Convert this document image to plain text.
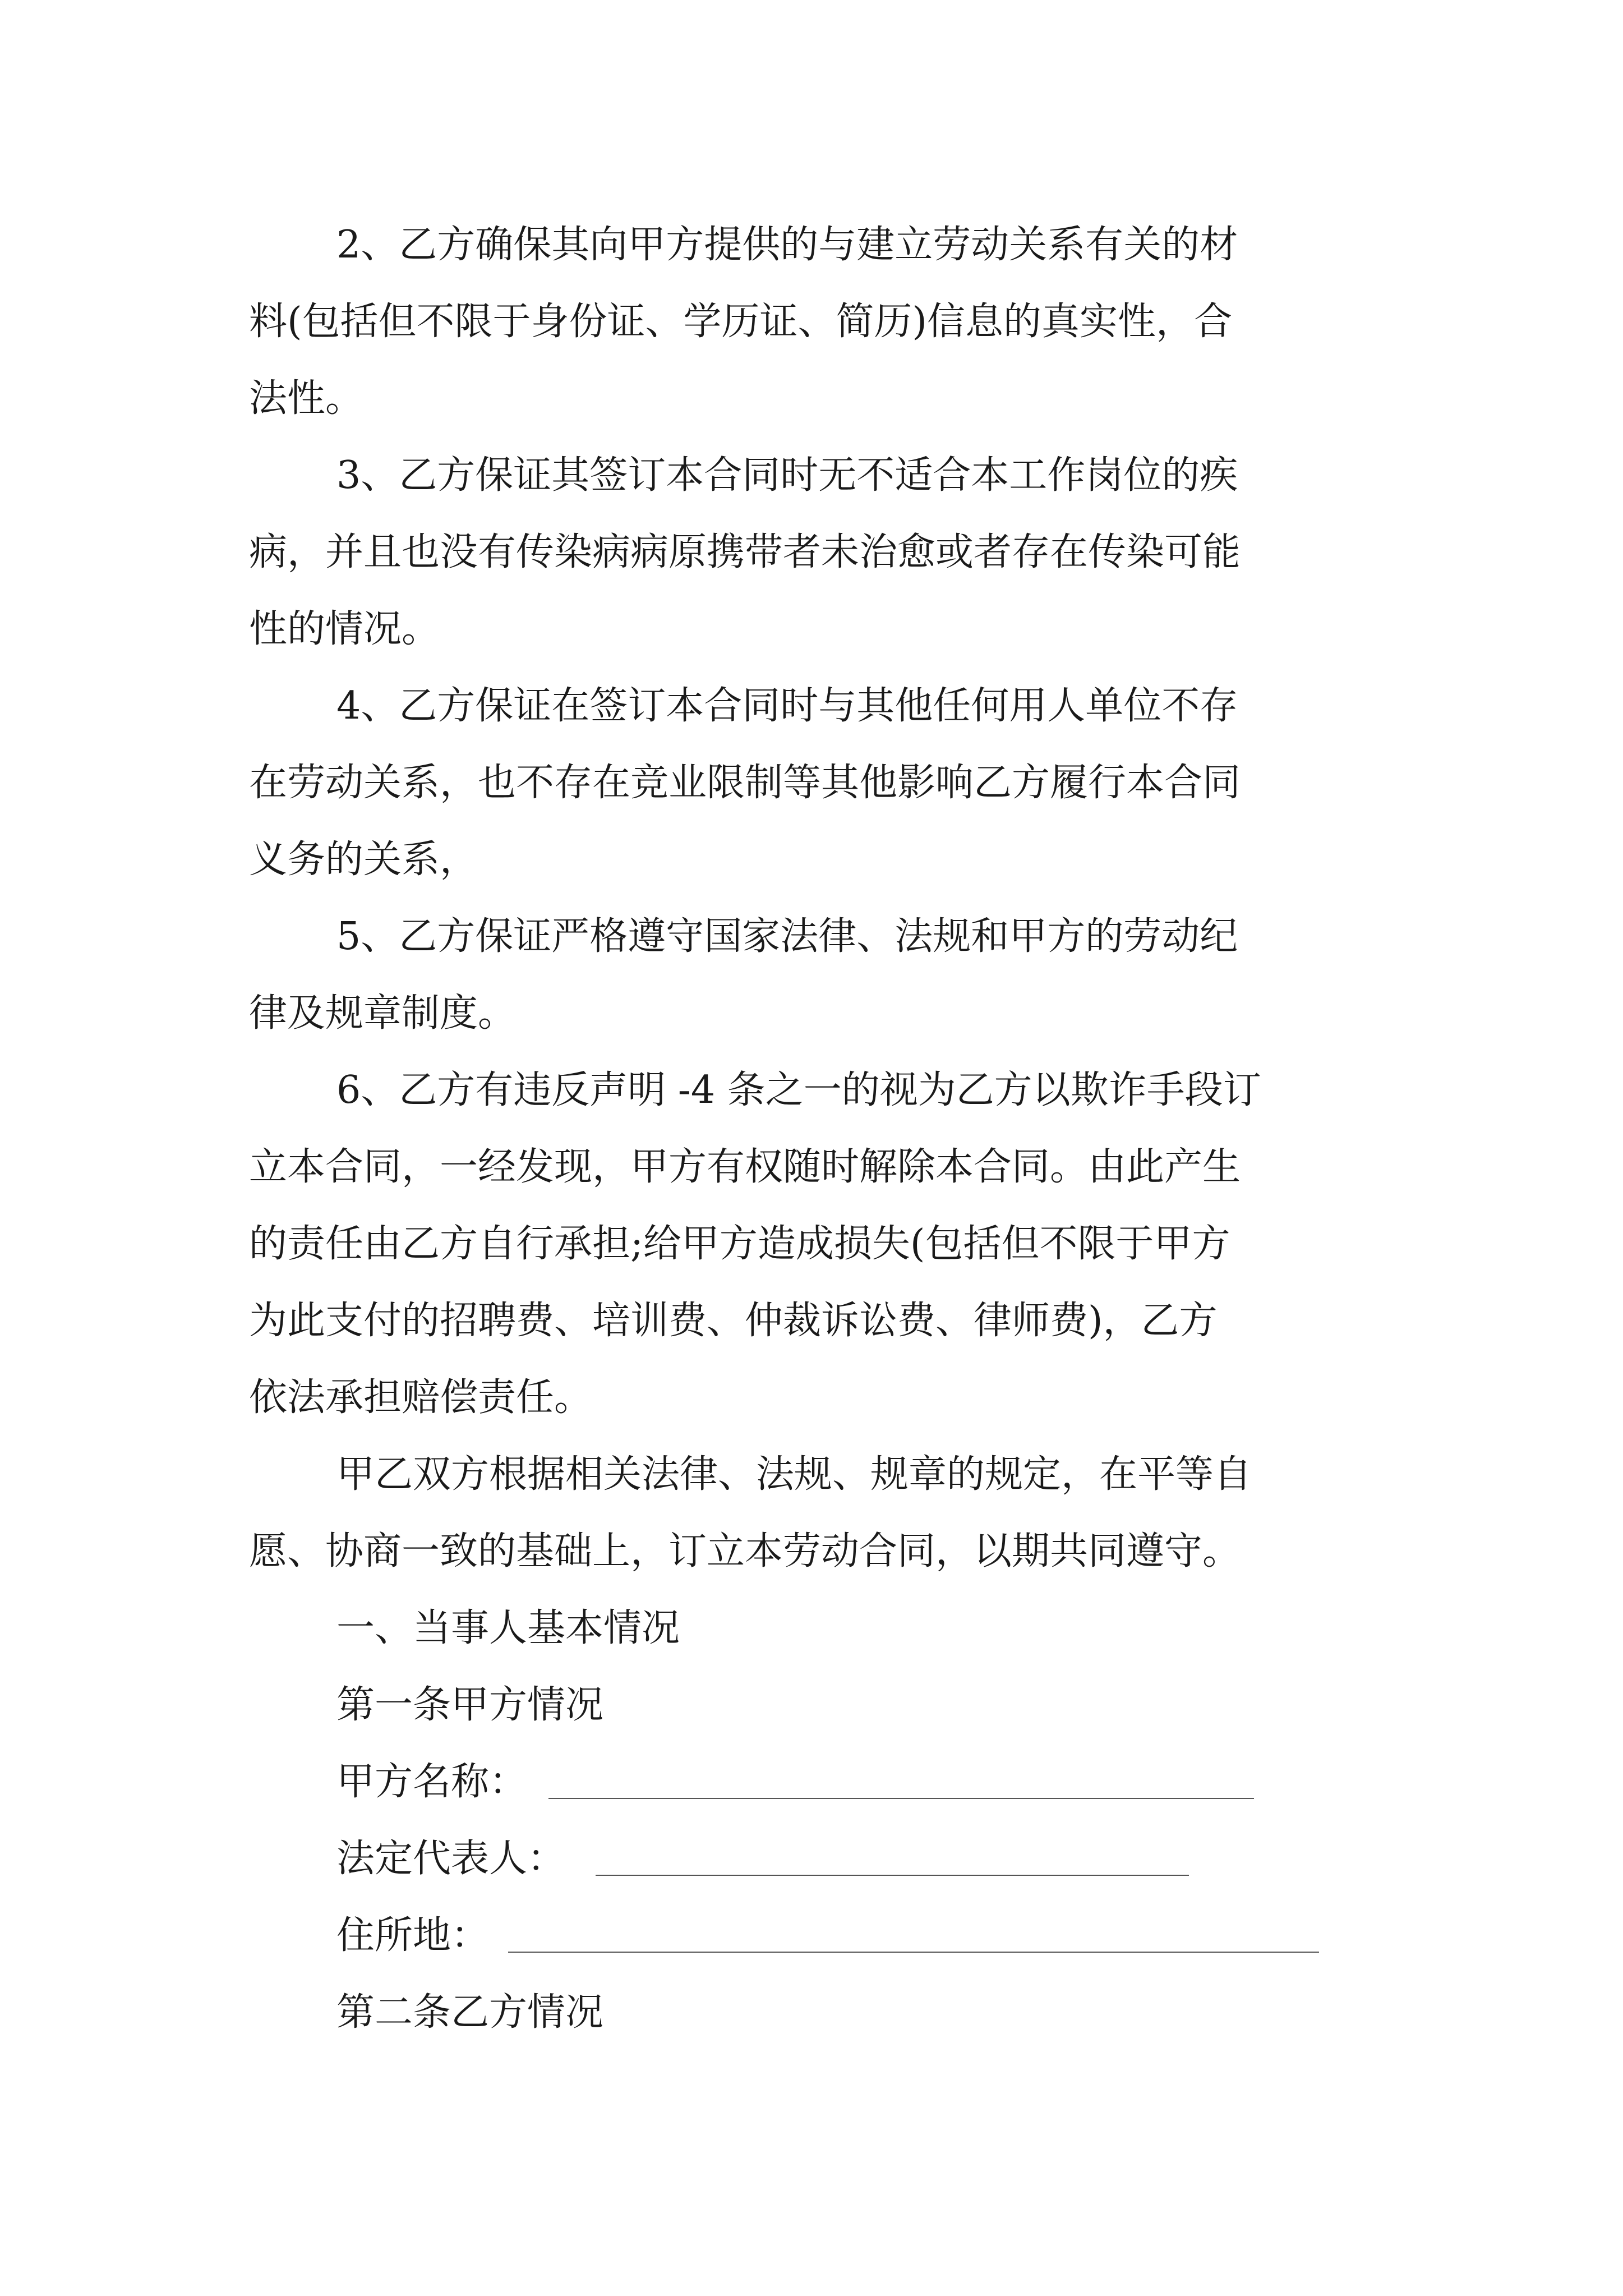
2、乙方确保其向甲方提供的与建立劳动关系有关的材
料(包括但不限于身份证、学历证、简历)信息的真实性，合
法性。
3、乙方保证其签订本合同时无不适合本工作岗位的疾
病，并且也没有传染病病原携带者未治愈或者存在传染可能
性的情况。
4、乙方保证在签订本合同时与其他任何用人单位不存
在劳动关系，也不存在竞业限制等其他影响乙方履行本合同
义务的关系，
5、乙方保证严格遵守国家法律、法规和甲方的劳动纪
律及规章制度。
6、乙方有违反声明 -4 条之一的视为乙方以欺诈手段订
立本合同，一经发现，甲方有权随时解除本合同。由此产生
的责任由乙方自行承担;给甲方造成损失(包括但不限于甲方
为此支付的招聘费、培训费、仲裁诉讼费、律师费)，乙方
依法承担赔偿责任。
甲乙双方根据相关法律、法规、规章的规定，在平等自
愿、协商一致的基础上，订立本劳动合同，以期共同遵守。
一、当事人基本情况
第一条甲方情况
甲方名称：
法定代表人：
住所地：
第二条乙方情况
